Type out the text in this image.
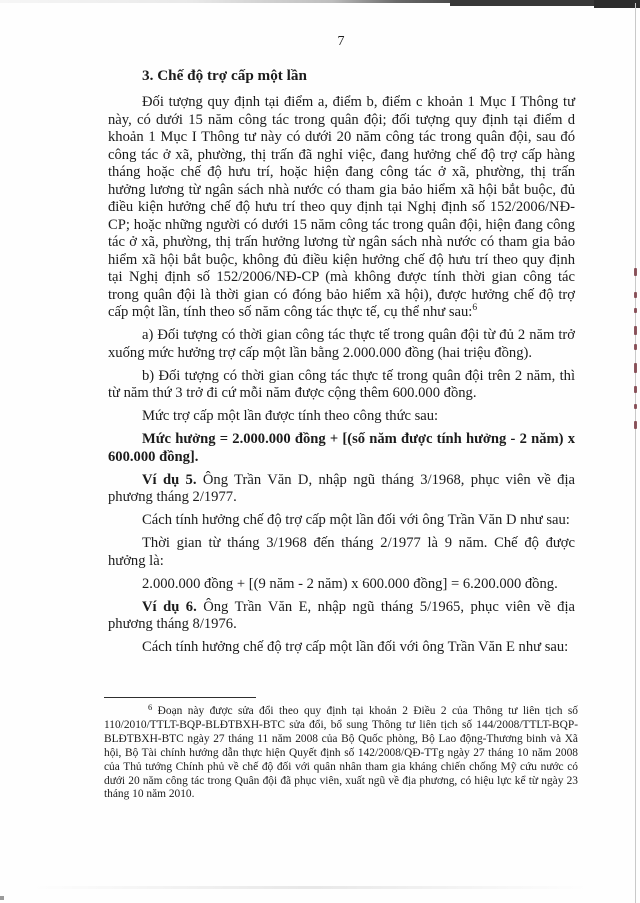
7
3. Chế độ trợ cấp một lần

Đối tượng quy định tại điểm a, điểm b, điểm c khoản 1 Mục I Thông tư này, có dưới 15 năm công tác trong quân đội; đối tượng quy định tại điểm d khoản 1 Mục I Thông tư này có dưới 20 năm công tác trong quân đội, sau đó công tác ở xã, phường, thị trấn đã nghỉ việc, đang hưởng chế độ trợ cấp hàng tháng hoặc chế độ hưu trí, hoặc hiện đang công tác ở xã, phường, thị trấn hưởng lương từ ngân sách nhà nước có tham gia bảo hiểm xã hội bắt buộc, đủ điều kiện hưởng chế độ hưu trí theo quy định tại Nghị định số 152/2006/NĐ-CP; hoặc những người có dưới 15 năm công tác trong quân đội, hiện đang công tác ở xã, phường, thị trấn hưởng lương từ ngân sách nhà nước có tham gia bảo hiểm xã hội bắt buộc, không đủ điều kiện hưởng chế độ hưu trí theo quy định tại Nghị định số 152/2006/NĐ-CP (mà không được tính thời gian công tác trong quân đội là thời gian có đóng bảo hiểm xã hội), được hưởng chế độ trợ cấp một lần, tính theo số năm công tác thực tế, cụ thể như sau:$^6$

a) Đối tượng có thời gian công tác thực tế trong quân đội từ đủ 2 năm trở xuống mức hưởng trợ cấp một lần bằng 2.000.000 đồng (hai triệu đồng).

b) Đối tượng có thời gian công tác thực tế trong quân đội trên 2 năm, thì từ năm thứ 3 trở đi cứ mỗi năm được cộng thêm 600.000 đồng.

Mức trợ cấp một lần được tính theo công thức sau:

Mức hưởng = 2.000.000 đồng + [(số năm được tính hưởng - 2 năm) x 600.000 đồng].

Ví dụ 5. Ông Trần Văn D, nhập ngũ tháng 3/1968, phục viên về địa phương tháng 2/1977.

Cách tính hưởng chế độ trợ cấp một lần đối với ông Trần Văn D như sau:

Thời gian từ tháng 3/1968 đến tháng 2/1977 là 9 năm. Chế độ được hưởng là:

2.000.000 đồng + [(9 năm - 2 năm) x 600.000 đồng] = 6.200.000 đồng.

Ví dụ 6. Ông Trần Văn E, nhập ngũ tháng 5/1965, phục viên về địa phương tháng 8/1976.

Cách tính hưởng chế độ trợ cấp một lần đối với ông Trần Văn E như sau:

$^6$ Đoạn này được sửa đổi theo quy định tại khoản 2 Điều 2 của Thông tư liên tịch số 110/2010/TTLT-BQP-BLĐTBXH-BTC sửa đổi, bổ sung Thông tư liên tịch số 144/2008/TTLT-BQP-BLĐTBXH-BTC ngày 27 tháng 11 năm 2008 của Bộ Quốc phòng, Bộ Lao động-Thương binh và Xã hội, Bộ Tài chính hướng dẫn thực hiện Quyết định số 142/2008/QĐ-TTg ngày 27 tháng 10 năm 2008 của Thủ tướng Chính phủ về chế độ đối với quân nhân tham gia kháng chiến chống Mỹ cứu nước có dưới 20 năm công tác trong Quân đội đã phục viên, xuất ngũ về địa phương, có hiệu lực kể từ ngày 23 tháng 10 năm 2010.
